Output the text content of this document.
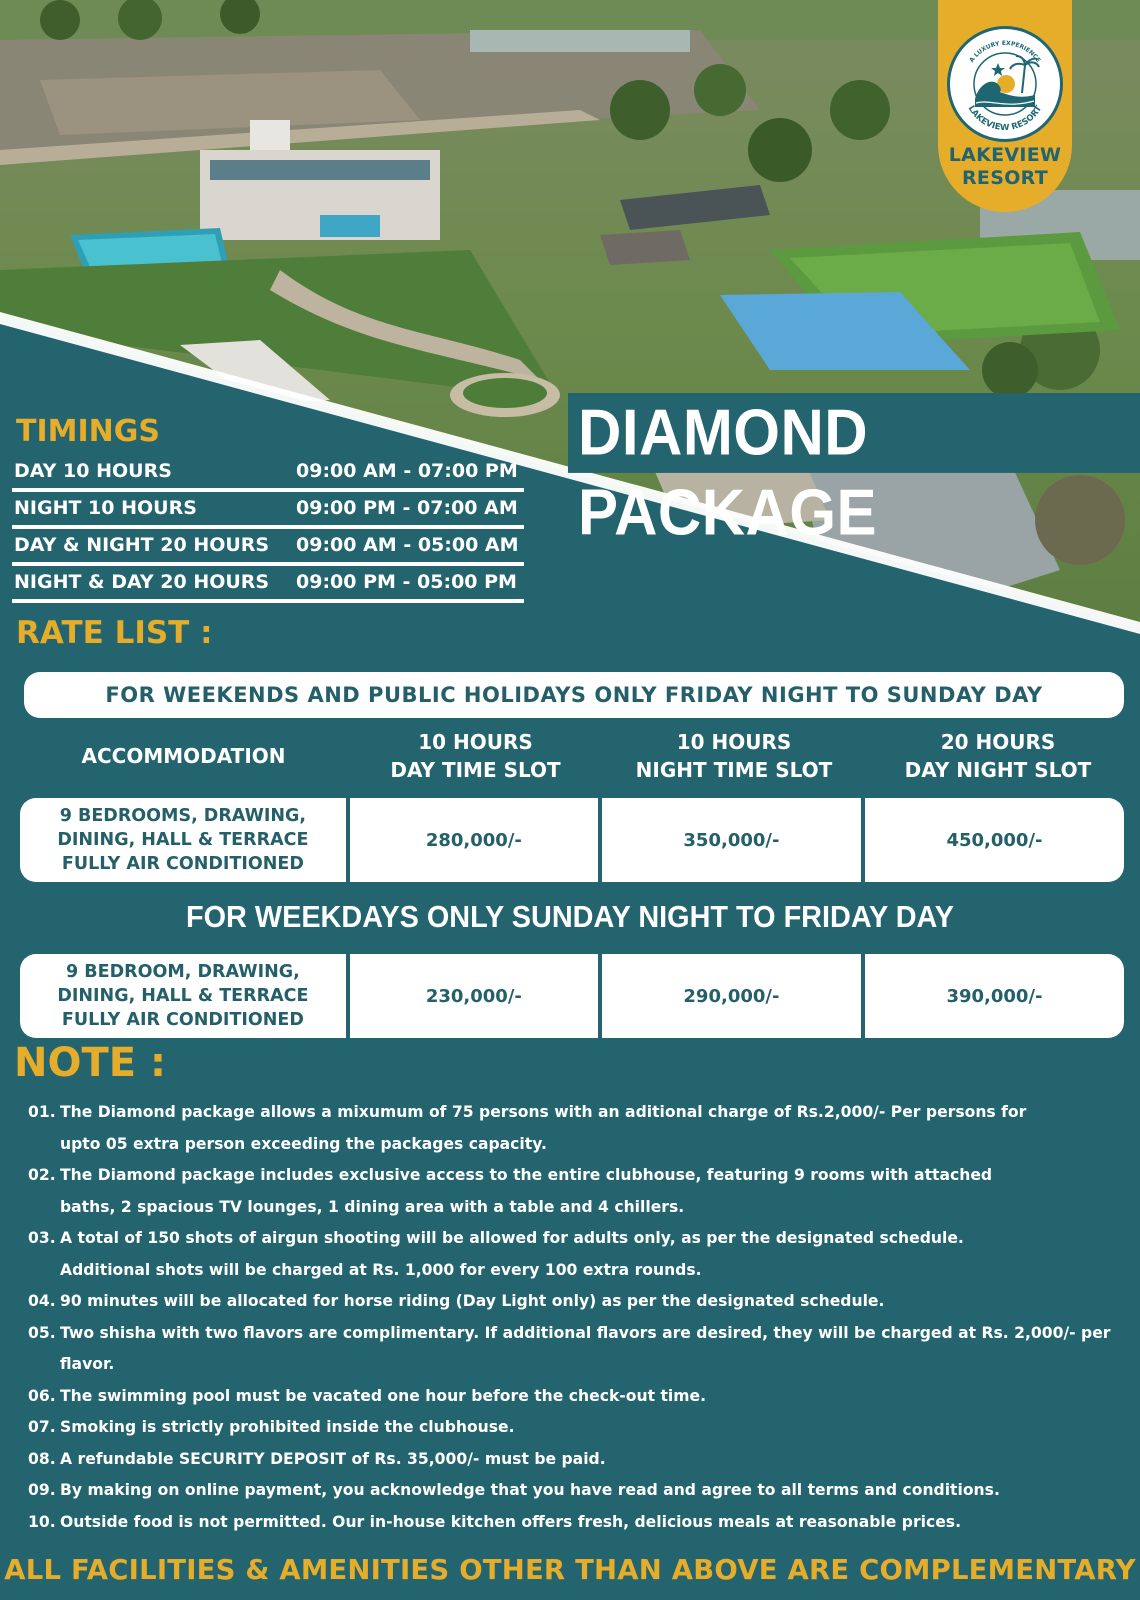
A LUXURY EXPERIENCE
LAKEVIEW RESORT
LAKEVIEW
RESORT
DIAMOND PACKAGE
TIMINGS
DAY 10 HOURS	09:00 AM - 07:00 PM
NIGHT 10 HOURS	09:00 PM - 07:00 AM
DAY & NIGHT 20 HOURS 09:00 AM - 05:00 AM
NIGHT & DAY 20 HOURS 09:00 PM - 05:00 PM
RATE LIST :
FOR WEEKENDS AND PUBLIC HOLIDAYS ONLY FRIDAY NIGHT TO SUNDAY DAY
ACCOMMODATION
10 HOURS
DAY TIME SLOT
10 HOURS
NIGHT TIME SLOT
20 HOURS
DAY NIGHT SLOT
9 BEDROOMS, DRAWING,
DINING, HALL & TERRACE
FULLY AIR CONDITIONED
280,000/-	350,000/-	450,000/-
FOR WEEKDAYS ONLY SUNDAY NIGHT TO FRIDAY DAY
9 BEDROOM, DRAWING,
DINING, HALL & TERRACE
FULLY AIR CONDITIONED
230,000/-	290,000/-	390,000/-
NOTE :
01. The Diamond package allows a mixumum of 75 persons with an aditional charge of Rs.2,000/- Per persons for
upto 05 extra person exceeding the packages capacity.
02. The Diamond package includes exclusive access to the entire clubhouse, featuring 9 rooms with attached
baths, 2 spacious TV lounges, 1 dining area with a table and 4 chillers.
03. A total of 150 shots of airgun shooting will be allowed for adults only, as per the designated schedule.
Additional shots will be charged at Rs. 1,000 for every 100 extra rounds.
04. 90 minutes will be allocated for horse riding (Day Light only) as per the designated schedule.
05. Two shisha with two flavors are complimentary. If additional flavors are desired, they will be charged at Rs. 2,000/- per flavor.
06. The swimming pool must be vacated one hour before the check-out time.
07. Smoking is strictly prohibited inside the clubhouse.
08. A refundable SECURITY DEPOSIT of Rs. 35,000/- must be paid.
09. By making on online payment, you acknowledge that you have read and agree to all terms and conditions.
10. Outside food is not permitted. Our in-house kitchen offers fresh, delicious meals at reasonable prices.
ALL FACILITIES & AMENITIES OTHER THAN ABOVE ARE COMPLEMENTARY
